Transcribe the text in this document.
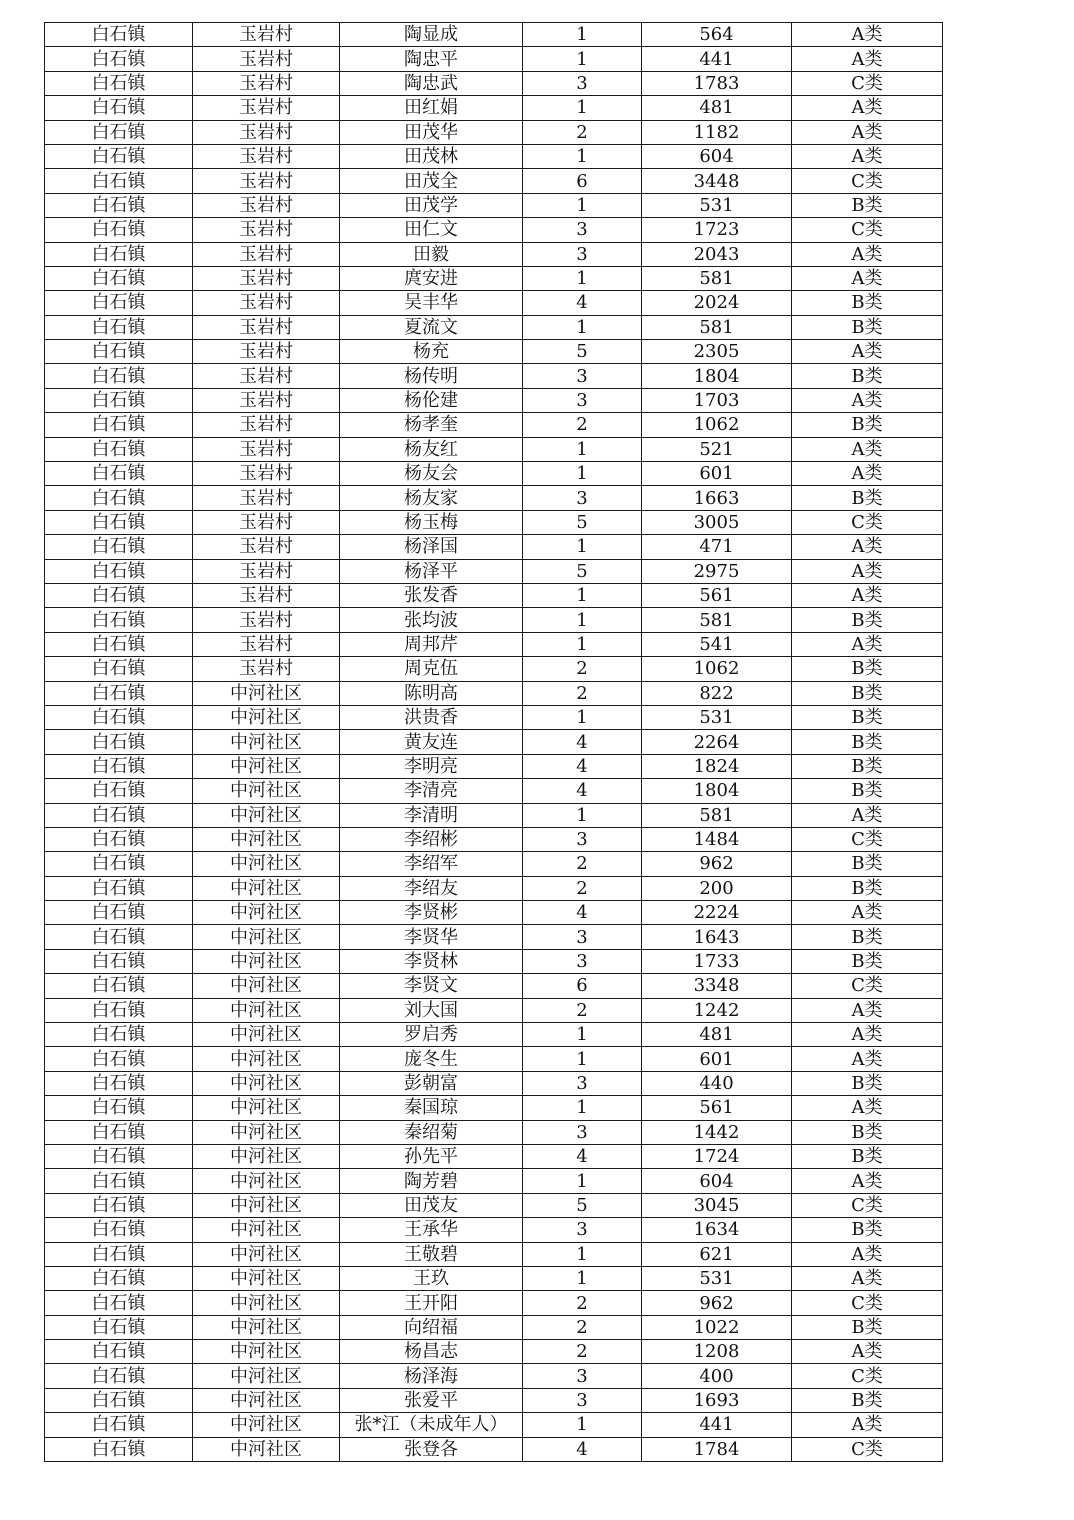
白石镇	玉岩村	陶显成	1	564	A类
白石镇	玉岩村	陶忠平	1	441	A类
白石镇	玉岩村	陶忠武	3	1783	C类
白石镇	玉岩村	田红娟	1	481	A类
白石镇	玉岩村	田茂华	2	1182	A类
白石镇	玉岩村	田茂林	1	604	A类
白石镇	玉岩村	田茂全	6	3448	C类
白石镇	玉岩村	田茂学	1	531	B类
白石镇	玉岩村	田仁文	3	1723	C类
白石镇	玉岩村	田毅	3	2043	A类
白石镇	玉岩村	庹安进	1	581	A类
白石镇	玉岩村	吴丰华	4	2024	B类
白石镇	玉岩村	夏流文	1	581	B类
白石镇	玉岩村	杨充	5	2305	A类
白石镇	玉岩村	杨传明	3	1804	B类
白石镇	玉岩村	杨伦建	3	1703	A类
白石镇	玉岩村	杨孝奎	2	1062	B类
白石镇	玉岩村	杨友红	1	521	A类
白石镇	玉岩村	杨友会	1	601	A类
白石镇	玉岩村	杨友家	3	1663	B类
白石镇	玉岩村	杨玉梅	5	3005	C类
白石镇	玉岩村	杨泽国	1	471	A类
白石镇	玉岩村	杨泽平	5	2975	A类
白石镇	玉岩村	张发香	1	561	A类
白石镇	玉岩村	张均波	1	581	B类
白石镇	玉岩村	周邦芹	1	541	A类
白石镇	玉岩村	周克伍	2	1062	B类
白石镇	中河社区	陈明高	2	822	B类
白石镇	中河社区	洪贵香	1	531	B类
白石镇	中河社区	黄友连	4	2264	B类
白石镇	中河社区	李明亮	4	1824	B类
白石镇	中河社区	李清亮	4	1804	B类
白石镇	中河社区	李清明	1	581	A类
白石镇	中河社区	李绍彬	3	1484	C类
白石镇	中河社区	李绍军	2	962	B类
白石镇	中河社区	李绍友	2	200	B类
白石镇	中河社区	李贤彬	4	2224	A类
白石镇	中河社区	李贤华	3	1643	B类
白石镇	中河社区	李贤林	3	1733	B类
白石镇	中河社区	李贤文	6	3348	C类
白石镇	中河社区	刘大国	2	1242	A类
白石镇	中河社区	罗启秀	1	481	A类
白石镇	中河社区	庞冬生	1	601	A类
白石镇	中河社区	彭朝富	3	440	B类
白石镇	中河社区	秦国琼	1	561	A类
白石镇	中河社区	秦绍菊	3	1442	B类
白石镇	中河社区	孙先平	4	1724	B类
白石镇	中河社区	陶芳碧	1	604	A类
白石镇	中河社区	田茂友	5	3045	C类
白石镇	中河社区	王承华	3	1634	B类
白石镇	中河社区	王敬碧	1	621	A类
白石镇	中河社区	王玖	1	531	A类
白石镇	中河社区	王开阳	2	962	C类
白石镇	中河社区	向绍福	2	1022	B类
白石镇	中河社区	杨昌志	2	1208	A类
白石镇	中河社区	杨泽海	3	400	C类
白石镇	中河社区	张爱平	3	1693	B类
白石镇	中河社区	张*江（未成年人）	1	441	A类
白石镇	中河社区	张登各	4	1784	C类
